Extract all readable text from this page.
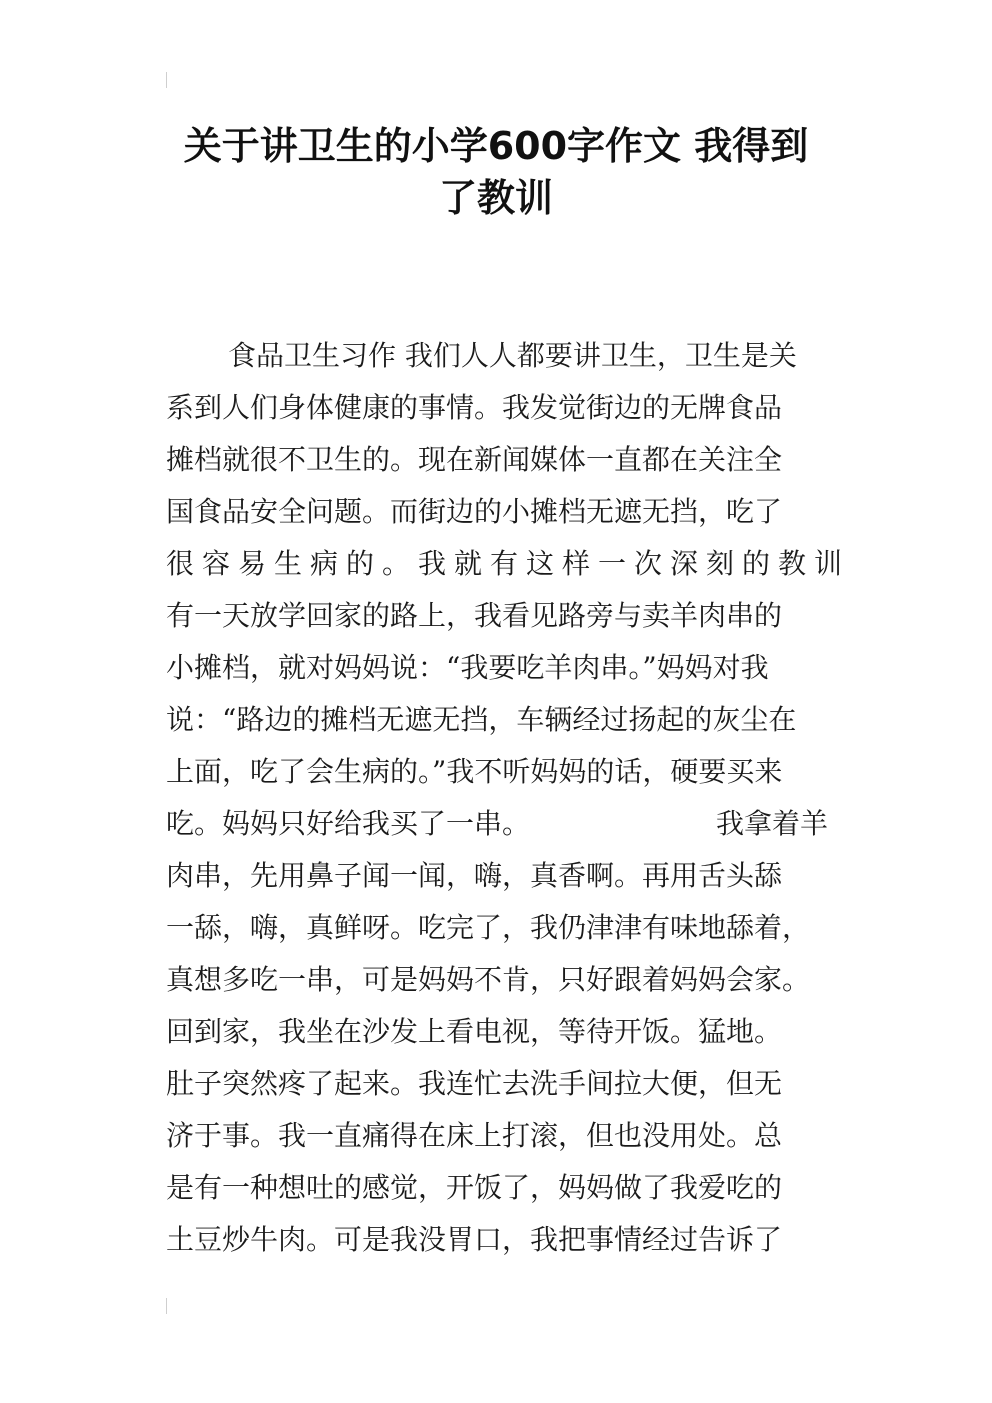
关于讲卫生的小学600字作文 我得到
了教训
食品卫生习作 我们人人都要讲卫生，卫生是关
系到人们身体健康的事情。我发觉街边的无牌食品
摊档就很不卫生的。现在新闻媒体一直都在关注全
国食品安全问题。而街边的小摊档无遮无挡，吃了
很容易生病的。我就有这样一次深刻的教训
有一天放学回家的路上，我看见路旁与卖羊肉串的
小摊档，就对妈妈说：“我要吃羊肉串。”妈妈对我
说：“路边的摊档无遮无挡，车辆经过扬起的灰尘在
上面，吃了会生病的。”我不听妈妈的话，硬要买来
吃。妈妈只好给我买了一串。	我拿着羊
肉串，先用鼻子闻一闻，嗨，真香啊。再用舌头舔
一舔，嗨，真鲜呀。吃完了，我仍津津有味地舔着，
真想多吃一串，可是妈妈不肯，只好跟着妈妈会家。
回到家，我坐在沙发上看电视，等待开饭。猛地。
肚子突然疼了起来。我连忙去洗手间拉大便，但无
济于事。我一直痛得在床上打滚，但也没用处。总
是有一种想吐的感觉，开饭了，妈妈做了我爱吃的
土豆炒牛肉。可是我没胃口，我把事情经过告诉了
